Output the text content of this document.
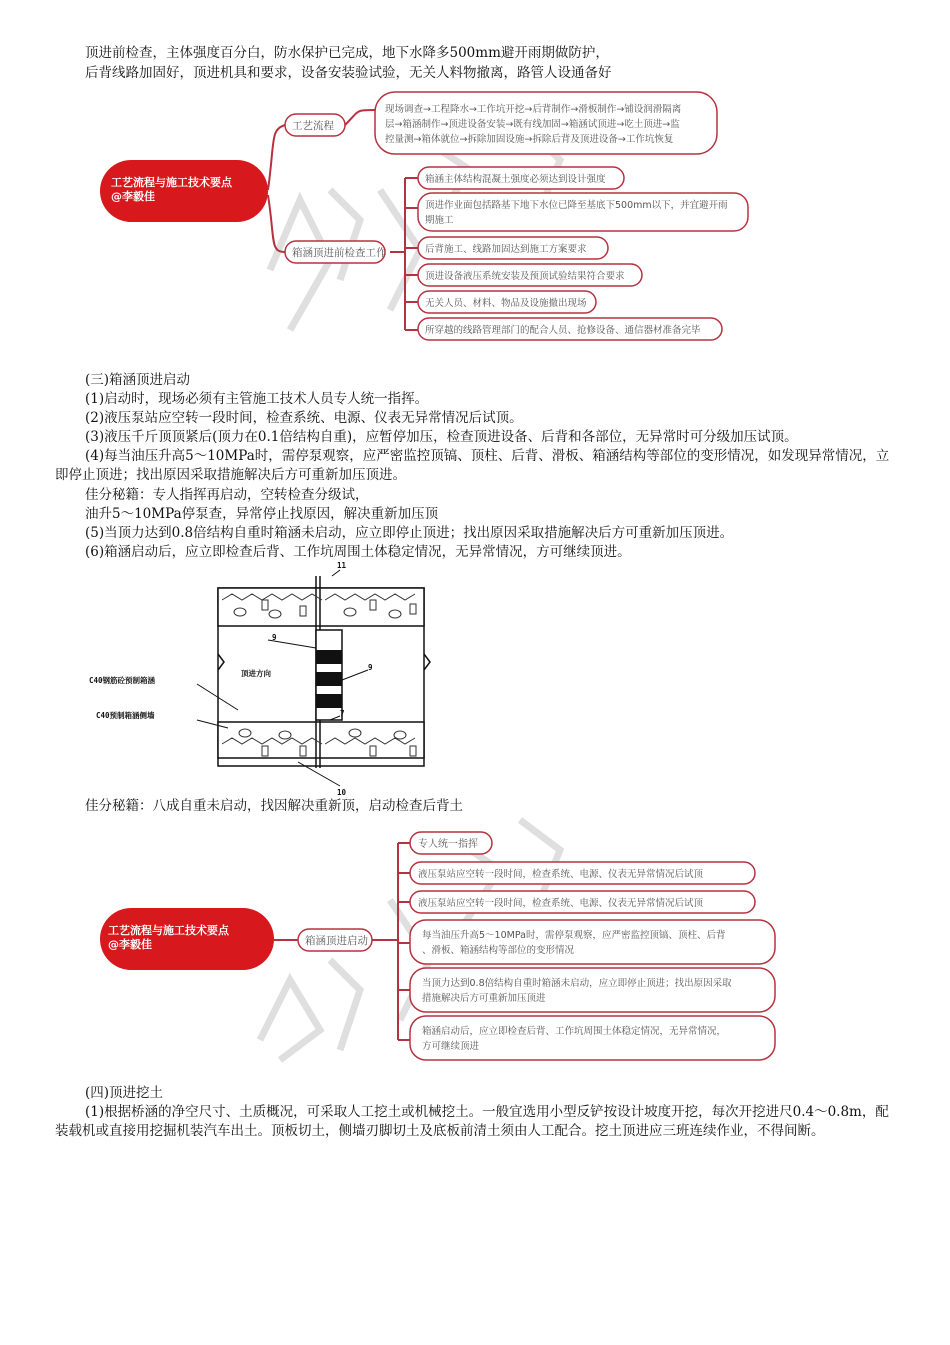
顶进前检查，主体强度百分白，防水保护已完成，地下水降多500mm避开雨期做防护，
后背线路加固好，顶进机具和要求，设备安装验试验，无关人料物撤离，路管人设通备好
工艺流程与施工技术要点
@李毅佳
工艺流程
箱涵顶进前检查工作
现场调查→工程降水→工作坑开挖→后背制作→滑板制作→铺设润滑隔离
层→箱涵制作→顶进设备安装→既有线加固→箱涵试顶进→吃土顶进→监
控量测→箱体就位→拆除加固设施→拆除后背及顶进设备→工作坑恢复
箱涵主体结构混凝土强度必须达到设计强度
顶进作业面包括路基下地下水位已降至基底下500mm以下，并宜避开雨
期施工
后背施工、线路加固达到施工方案要求
顶进设备液压系统安装及预顶试验结果符合要求
无关人员、材料、物品及设施撤出现场
所穿越的线路管理部门的配合人员、抢修设备、通信器材准备完毕
(三)箱涵顶进启动
(1)启动时，现场必须有主管施工技术人员专人统一指挥。
(2)液压泵站应空转一段时间，检查系统、电源、仪表无异常情况后试顶。
(3)液压千斤顶顶紧后(顶力在0.1倍结构自重)，应暂停加压，检查顶进设备、后背和各部位，无异常时可分级加压试顶。
(4)每当油压升高5～10MPa时，需停泵观察，应严密监控顶镐、顶柱、后背、滑板、箱涵结构等部位的变形情况，如发现异常情况，立即停止顶进；找出原因采取措施解决后方可重新加压顶进。
佳分秘籍：专人指挥再启动，空转检查分级试，
油升5～10MPa停泵查，异常停止找原因，解决重新加压顶
(5)当顶力达到0.8倍结构自重时箱涵未启动，应立即停止顶进；找出原因采取措施解决后方可重新加压顶进。
(6)箱涵启动后，应立即检查后背、工作坑周围土体稳定情况，无异常情况，方可继续顶进。
顶进方向
C40钢筋砼预制箱涵
C40预制箱涵侧墙
11
9
9
7
10
佳分秘籍：八成自重未启动，找因解决重新顶，启动检查后背土
工艺流程与施工技术要点
@李毅佳	箱涵顶进启动
专人统一指挥
液压泵站应空转一段时间，检查系统、电源、仪表无异常情况后试顶
液压泵站应空转一段时间，检查系统、电源、仪表无异常情况后试顶
每当油压升高5～10MPa时，需停泵观察，应严密监控顶镐、顶柱、后背
、滑板、箱涵结构等部位的变形情况
当顶力达到0.8倍结构自重时箱涵未启动，应立即停止顶进；找出原因采取
措施解决后方可重新加压顶进
箱涵启动后，应立即检查后背、工作坑周围土体稳定情况，无异常情况，
方可继续顶进
(四)顶进挖土
(1)根据桥涵的净空尺寸、土质概况，可采取人工挖土或机械挖土。一般宜选用小型反铲按设计坡度开挖，每次开挖进尺0.4～0.8m，配装载机或直接用挖掘机装汽车出土。顶板切土，侧墙刃脚切土及底板前清土须由人工配合。挖土顶进应三班连续作业，不得间断。
